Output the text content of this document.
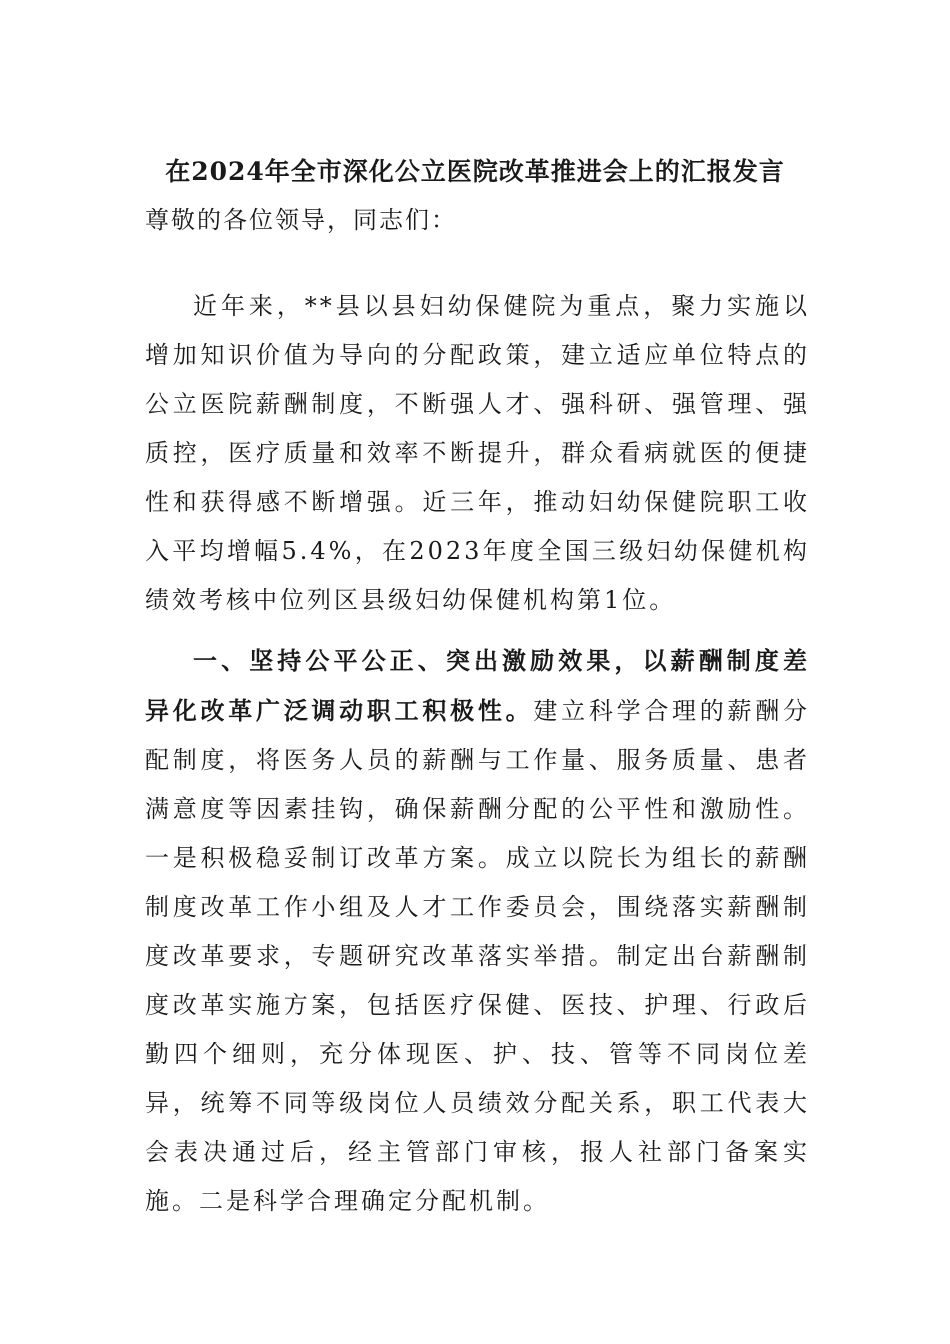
在2024年全市深化公立医院改革推进会上的汇报发言
尊敬的各位领导，同志们：

近年来，**县以县妇幼保健院为重点，聚力实施以增加知识价值为导向的分配政策，建立适应单位特点的公立医院薪酬制度，不断强人才、强科研、强管理、强质控，医疗质量和效率不断提升，群众看病就医的便捷性和获得感不断增强。近三年，推动妇幼保健院职工收入平均增幅5.4%，在2023年度全国三级妇幼保健机构绩效考核中位列区县级妇幼保健机构第1位。

一、坚持公平公正、突出激励效果，以薪酬制度差异化改革广泛调动职工积极性。建立科学合理的薪酬分配制度，将医务人员的薪酬与工作量、服务质量、患者满意度等因素挂钩，确保薪酬分配的公平性和激励性。一是积极稳妥制订改革方案。成立以院长为组长的薪酬制度改革工作小组及人才工作委员会，围绕落实薪酬制度改革要求，专题研究改革落实举措。制定出台薪酬制度改革实施方案，包括医疗保健、医技、护理、行政后勤四个细则，充分体现医、护、技、管等不同岗位差异，统筹不同等级岗位人员绩效分配关系，职工代表大会表决通过后，经主管部门审核，报人社部门备案实施。二是科学合理确定分配机制。
